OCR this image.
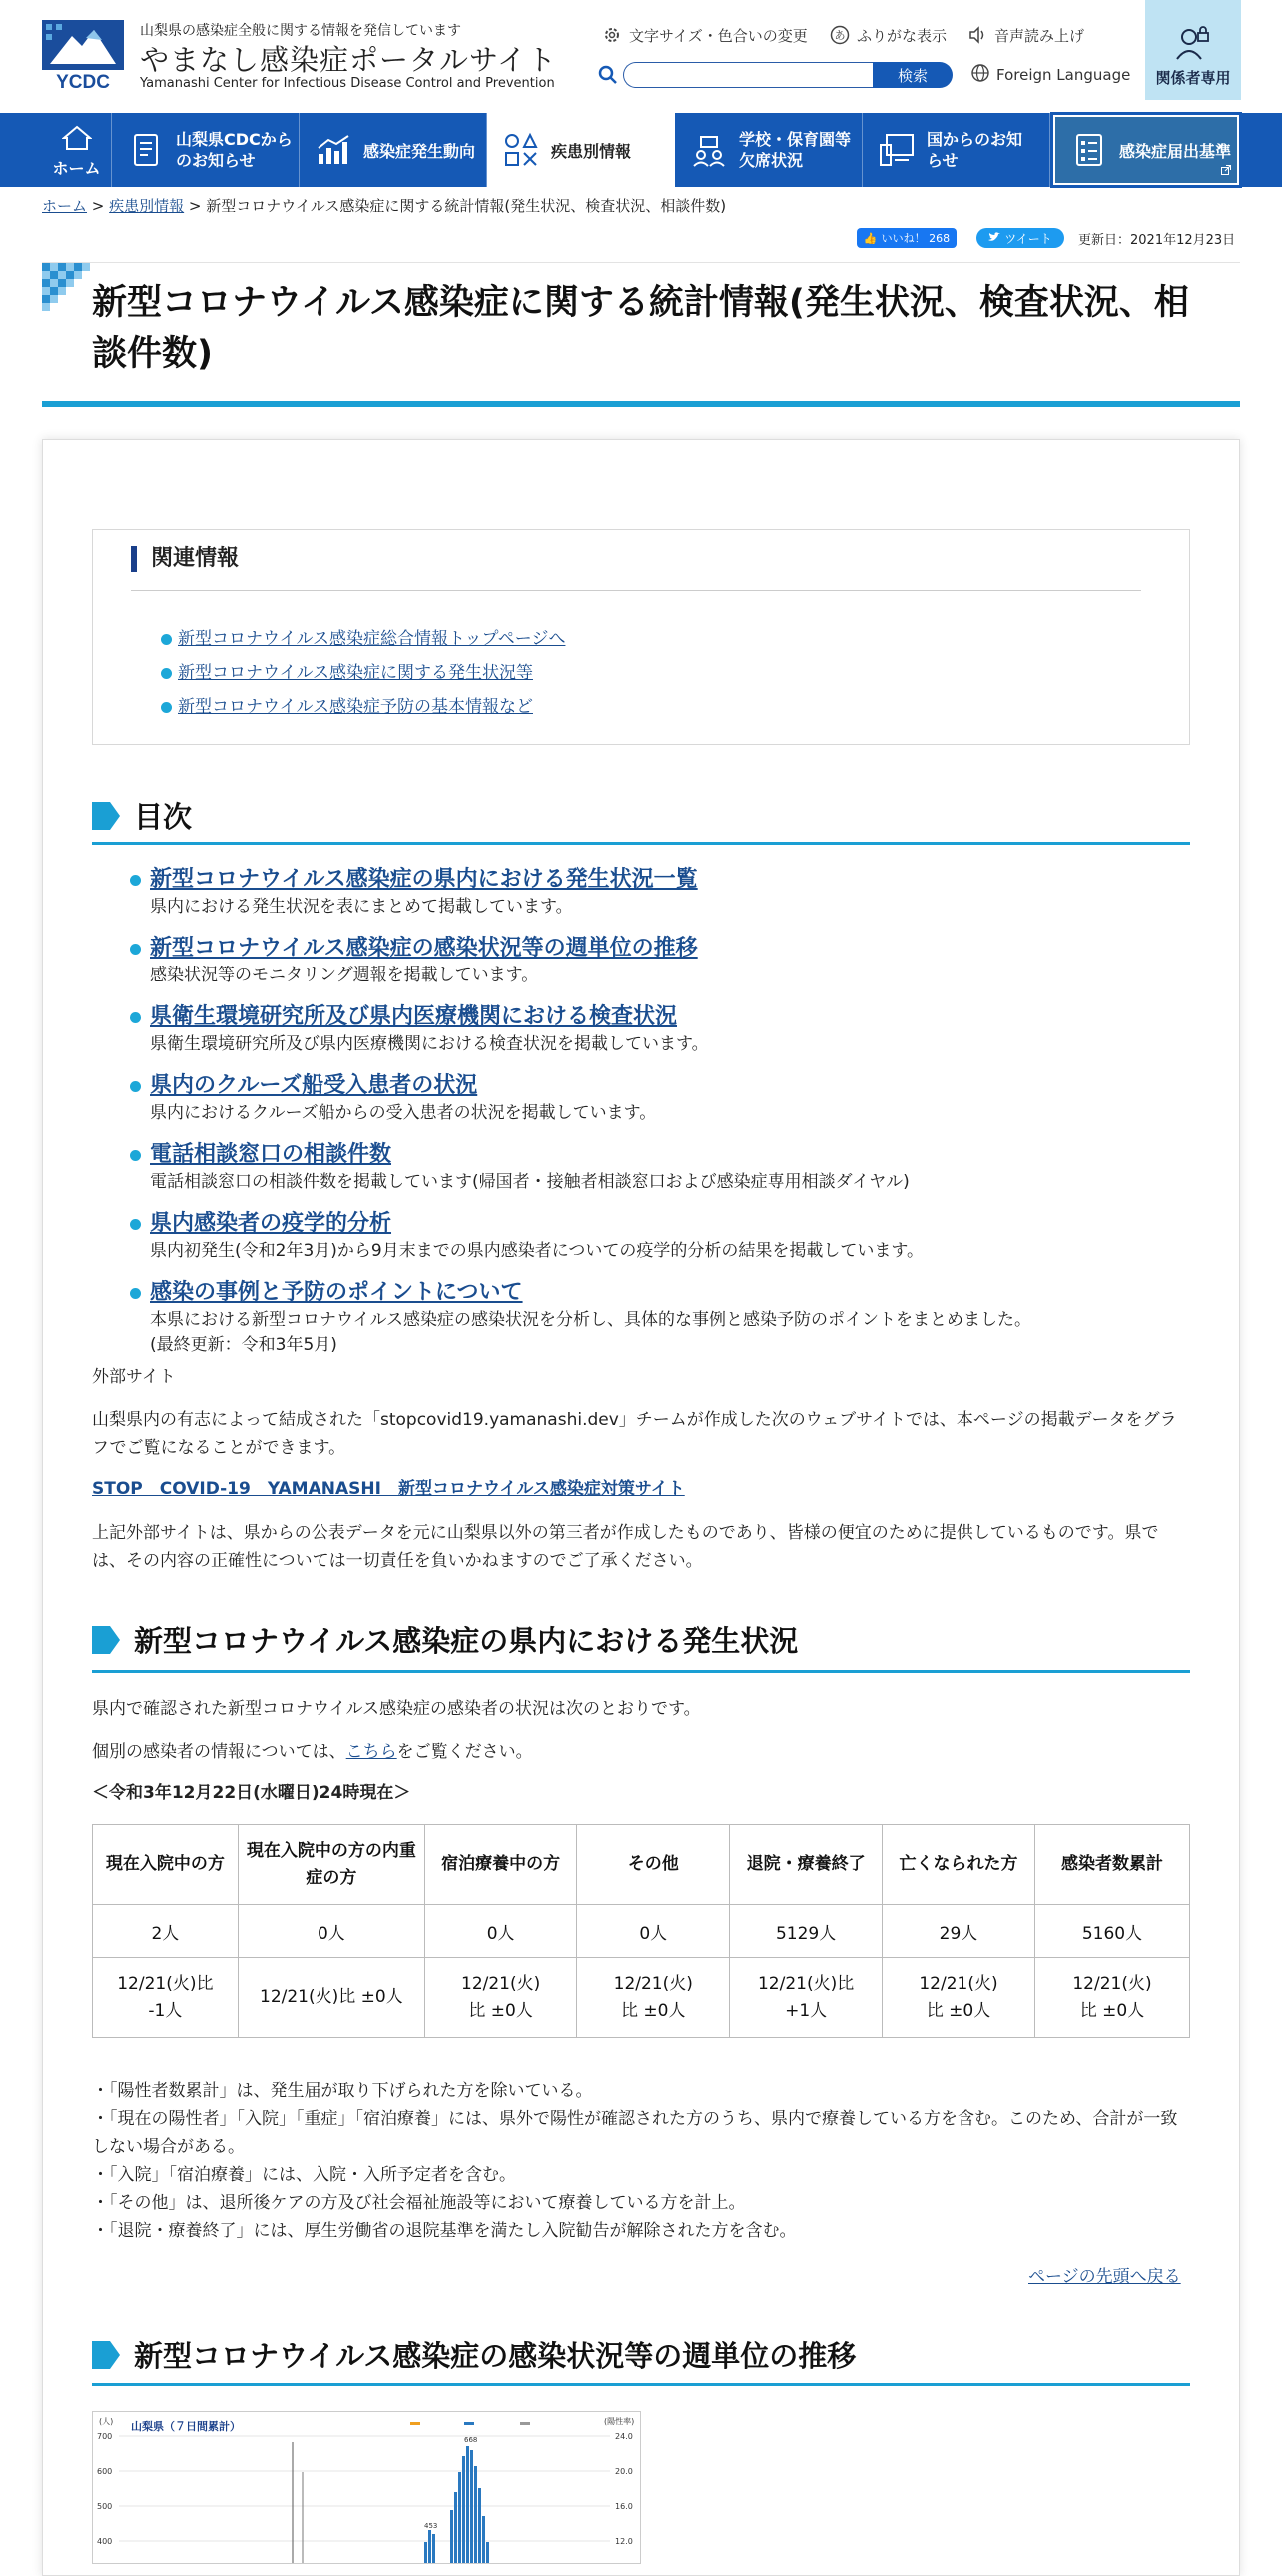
YCDC
山梨県の感染症全般に関する情報を発信しています
やまなし感染症ポータルサイト
Yamanashi Center for Infectious Disease Control and Prevention
文字サイズ・色合いの変更 あ ふりがな表示	音声読み上げ
検索	Foreign Language 関係者専用
ホーム
山梨県CDCからのお知らせ	感染症発生動向	疾患別情報
学校・保育園等欠席状況
国からのお知らせ	感染症届出基準
ホーム > 疾患別情報 > 新型コロナウイルス感染症に関する統計情報(発生状況、検査状況、相談件数)
👍 いいね！ 268	ツイート 更新日：2021年12月23日
新型コロナウイルス感染症に関する統計情報(発生状況、検査状況、相談件数)
関連情報
新型コロナウイルス感染症総合情報トップページへ
新型コロナウイルス感染症に関する発生状況等
新型コロナウイルス感染症予防の基本情報など
目次
新型コロナウイルス感染症の県内における発生状況一覧

県内における発生状況を表にまとめて掲載しています。

新型コロナウイルス感染症の感染状況等の週単位の推移

感染状況等のモニタリング週報を掲載しています。

県衛生環境研究所及び県内医療機関における検査状況

県衛生環境研究所及び県内医療機関における検査状況を掲載しています。

県内のクルーズ船受入患者の状況

県内におけるクルーズ船からの受入患者の状況を掲載しています。

電話相談窓口の相談件数

電話相談窓口の相談件数を掲載しています(帰国者・接触者相談窓口および感染症専用相談ダイヤル)

県内感染者の疫学的分析

県内初発生(令和2年3月)から9月末までの県内感染者についての疫学的分析の結果を掲載しています。

感染の事例と予防のポイントについて

本県における新型コロナウイルス感染症の感染状況を分析し、具体的な事例と感染予防のポイントをまとめました。

(最終更新：令和3年5月)

外部サイト
山梨県内の有志によって結成された「stopcovid19.yamanashi.dev」チームが作成した次のウェブサイトでは、本ページの掲載データをグラフでご覧になることができます。
STOP　COVID-19　YAMANASHI　新型コロナウイルス感染症対策サイト
上記外部サイトは、県からの公表データを元に山梨県以外の第三者が作成したものであり、皆様の便宜のために提供しているものです。県では、その内容の正確性については一切責任を負いかねますのでご了承ください。
新型コロナウイルス感染症の県内における発生状況
県内で確認された新型コロナウイルス感染症の感染者の状況は次のとおりです。
個別の感染者の情報については、こちらをご覧ください。
＜令和3年12月22日(水曜日)24時現在＞
現在入院中の方	現在入院中の方の内重症の方	宿泊療養中の方	その他	退院・療養終了	亡くなられた方	感染者数累計
2人	0人	0人	0人	5129人	29人	5160人
12/21(火)比 -1人	12/21(火)比 ±0人	12/21(火)比 ±0人	12/21(火)比 ±0人	12/21(火)比 +1人	12/21(火)比 ±0人	12/21(火)比 ±0人
・「陽性者数累計」は、発生届が取り下げられた方を除いている。
・「現在の陽性者」「入院」「重症」「宿泊療養」には、県外で陽性が確認された方のうち、県内で療養している方を含む。このため、合計が一致しない場合がある。
・「入院」「宿泊療養」には、入院・入所予定者を含む。
・「その他」は、退所後ケアの方及び社会福祉施設等において療養している方を計上。
・「退院・療養終了」には、厚生労働省の退院基準を満たし入院勧告が解除された方を含む。
ページの先頭へ戻る
新型コロナウイルス感染症の感染状況等の週単位の推移
(人) 山梨県（７日間累計）	(陽性率)
700
600
500
400
24.0
20.0
16.0
12.0
668
453
